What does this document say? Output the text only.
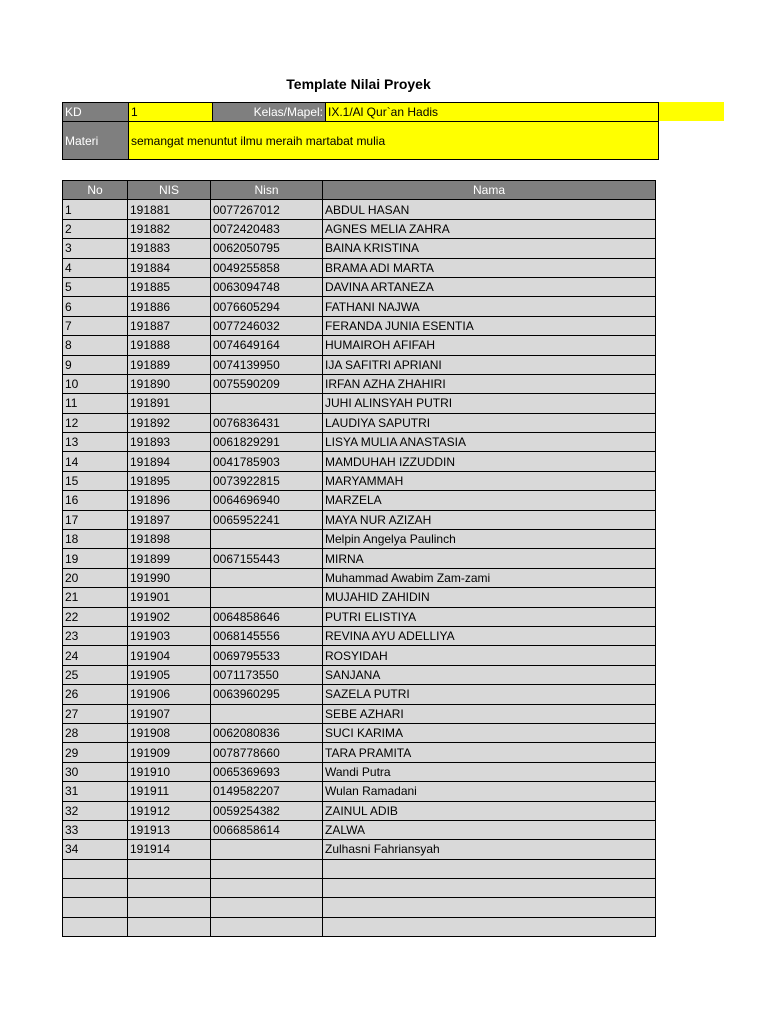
Template Nilai Proyek
KD	1	Kelas/Mapel:	IX.1/Al Qur`an Hadis
Materi	semangat menuntut ilmu meraih martabat mulia		
No	NIS	Nisn	Nama
1	191881	0077267012	ABDUL HASAN
2	191882	0072420483	AGNES MELIA ZAHRA
3	191883	0062050795	BAINA KRISTINA
4	191884	0049255858	BRAMA ADI MARTA
5	191885	0063094748	DAVINA ARTANEZA
6	191886	0076605294	FATHANI NAJWA
7	191887	0077246032	FERANDA JUNIA ESENTIA
8	191888	0074649164	HUMAIROH AFIFAH
9	191889	0074139950	IJA SAFITRI APRIANI
10	191890	0075590209	IRFAN AZHA ZHAHIRI
11	191891		JUHI ALINSYAH PUTRI
12	191892	0076836431	LAUDIYA SAPUTRI
13	191893	0061829291	LISYA MULIA ANASTASIA
14	191894	0041785903	MAMDUHAH IZZUDDIN
15	191895	0073922815	MARYAMMAH
16	191896	0064696940	MARZELA
17	191897	0065952241	MAYA NUR AZIZAH
18	191898		Melpin Angelya Paulinch
19	191899	0067155443	MIRNA
20	191990		Muhammad Awabim Zam-zami
21	191901		MUJAHID ZAHIDIN
22	191902	0064858646	PUTRI ELISTIYA
23	191903	0068145556	REVINA AYU ADELLIYA
24	191904	0069795533	ROSYIDAH
25	191905	0071173550	SANJANA
26	191906	0063960295	SAZELA PUTRI
27	191907		SEBE AZHARI
28	191908	0062080836	SUCI KARIMA
29	191909	0078778660	TARA PRAMITA
30	191910	0065369693	Wandi Putra
31	191911	0149582207	Wulan Ramadani
32	191912	0059254382	ZAINUL ADIB
33	191913	0066858614	ZALWA
34	191914		Zulhasni Fahriansyah
